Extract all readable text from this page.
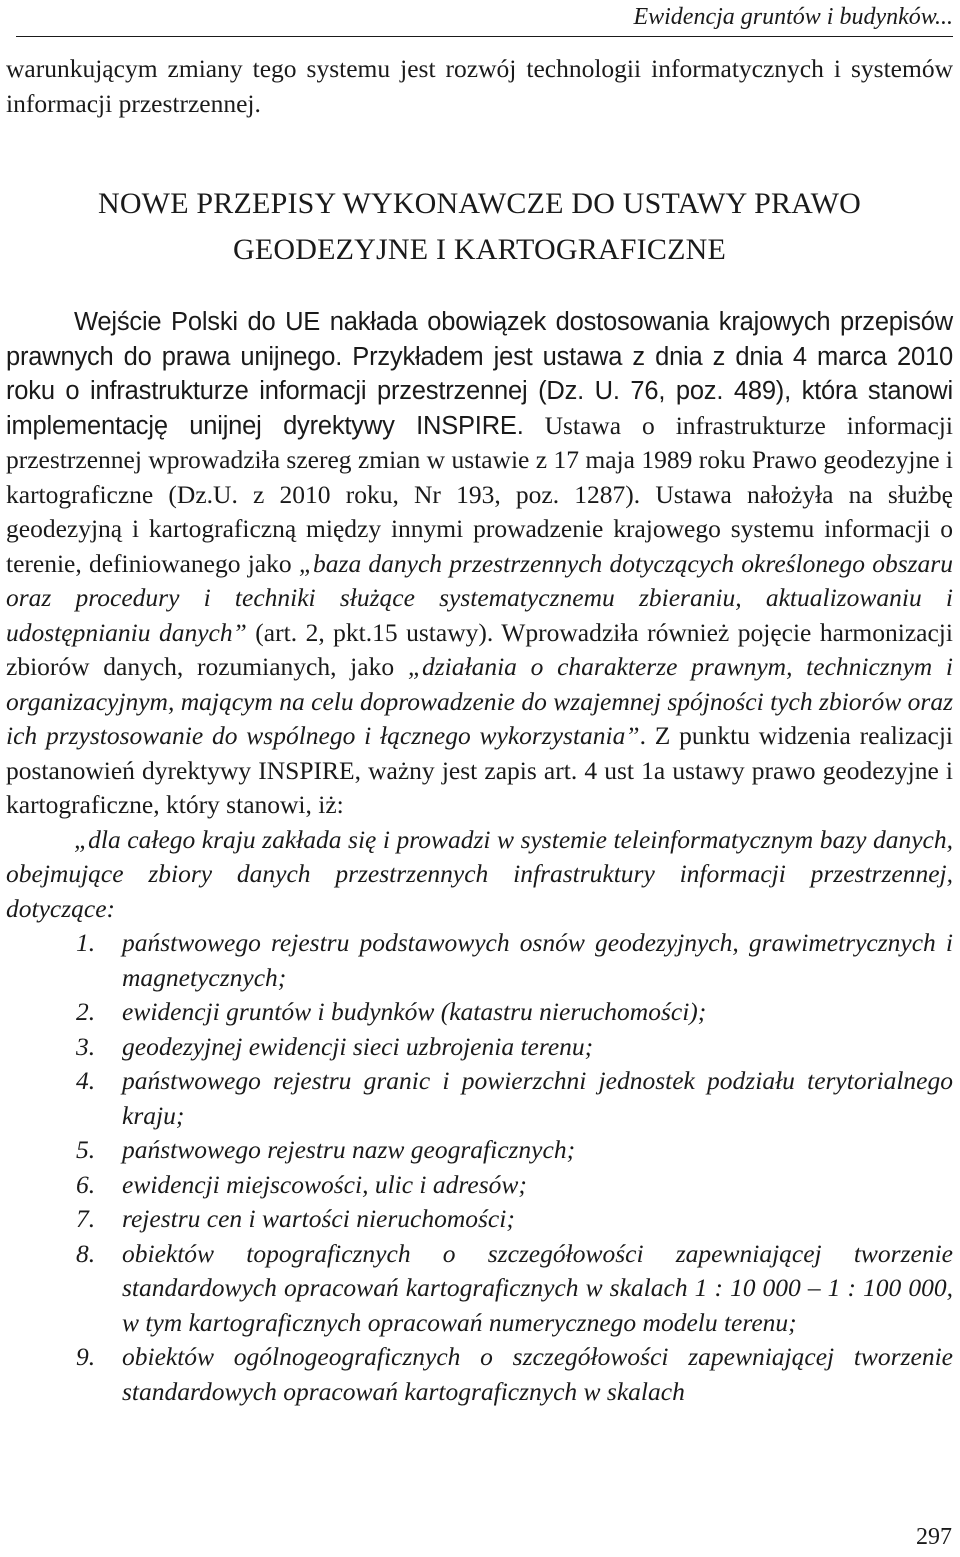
Ewidencja gruntów i budynków...

warunkującym zmiany tego systemu jest rozwój technologii informatycznych i systemów informacji przestrzennej.

NOWE PRZEPISY WYKONAWCZE DO USTAWY PRAWO
GEODEZYJNE I KARTOGRAFICZNE

Wejście Polski do UE nakłada obowiązek dostosowania krajowych przepisów prawnych do prawa unijnego. Przykładem jest ustawa z dnia z dnia 4 marca 2010 roku o infrastrukturze informacji przestrzennej (Dz. U. 76, poz. 489), która stanowi implementację unijnej dyrektywy INSPIRE. Ustawa o infrastrukturze informacji przestrzennej wprowadziła szereg zmian w ustawie z 17 maja 1989 roku Prawo geodezyjne i kartograficzne (Dz.U. z 2010 roku, Nr 193, poz. 1287). Ustawa nałożyła na służbę geodezyjną i kartograficzną między innymi prowadzenie krajowego systemu informacji o terenie, definiowanego jako „baza danych przestrzennych dotyczących określonego obszaru oraz procedury i techniki służące systematycznemu zbieraniu, aktualizowaniu i udostępnianiu danych” (art. 2, pkt.15 ustawy). Wprowadziła również pojęcie harmonizacji zbiorów danych, rozumianych, jako „działania o charakterze prawnym, technicznym i organizacyjnym, mającym na celu doprowadzenie do wzajemnej spójności tych zbiorów oraz ich przystosowanie do wspólnego i łącznego wykorzystania”. Z punktu widzenia realizacji postanowień dyrektywy INSPIRE, ważny jest zapis art. 4 ust 1a ustawy prawo geodezyjne i kartograficzne, który stanowi, iż:

„dla całego kraju zakłada się i prowadzi w systemie teleinformatycznym bazy danych, obejmujące zbiory danych przestrzennych infrastruktury informacji przestrzennej, dotyczące:

1. państwowego rejestru podstawowych osnów geodezyjnych, grawimetrycznych i magnetycznych;
2. ewidencji gruntów i budynków (katastru nieruchomości);
3. geodezyjnej ewidencji sieci uzbrojenia terenu;
4. państwowego rejestru granic i powierzchni jednostek podziału terytorialnego kraju;
5. państwowego rejestru nazw geograficznych;
6. ewidencji miejscowości, ulic i adresów;
7. rejestru cen i wartości nieruchomości;
8. obiektów topograficznych o szczegółowości zapewniającej tworzenie standardowych opracowań kartograficznych w skalach 1 : 10 000 – 1 : 100 000, w tym kartograficznych opracowań numerycznego modelu terenu;
9. obiektów ogólnogeograficznych o szczegółowości zapewniającej tworzenie standardowych opracowań kartograficznych w skalach
297
